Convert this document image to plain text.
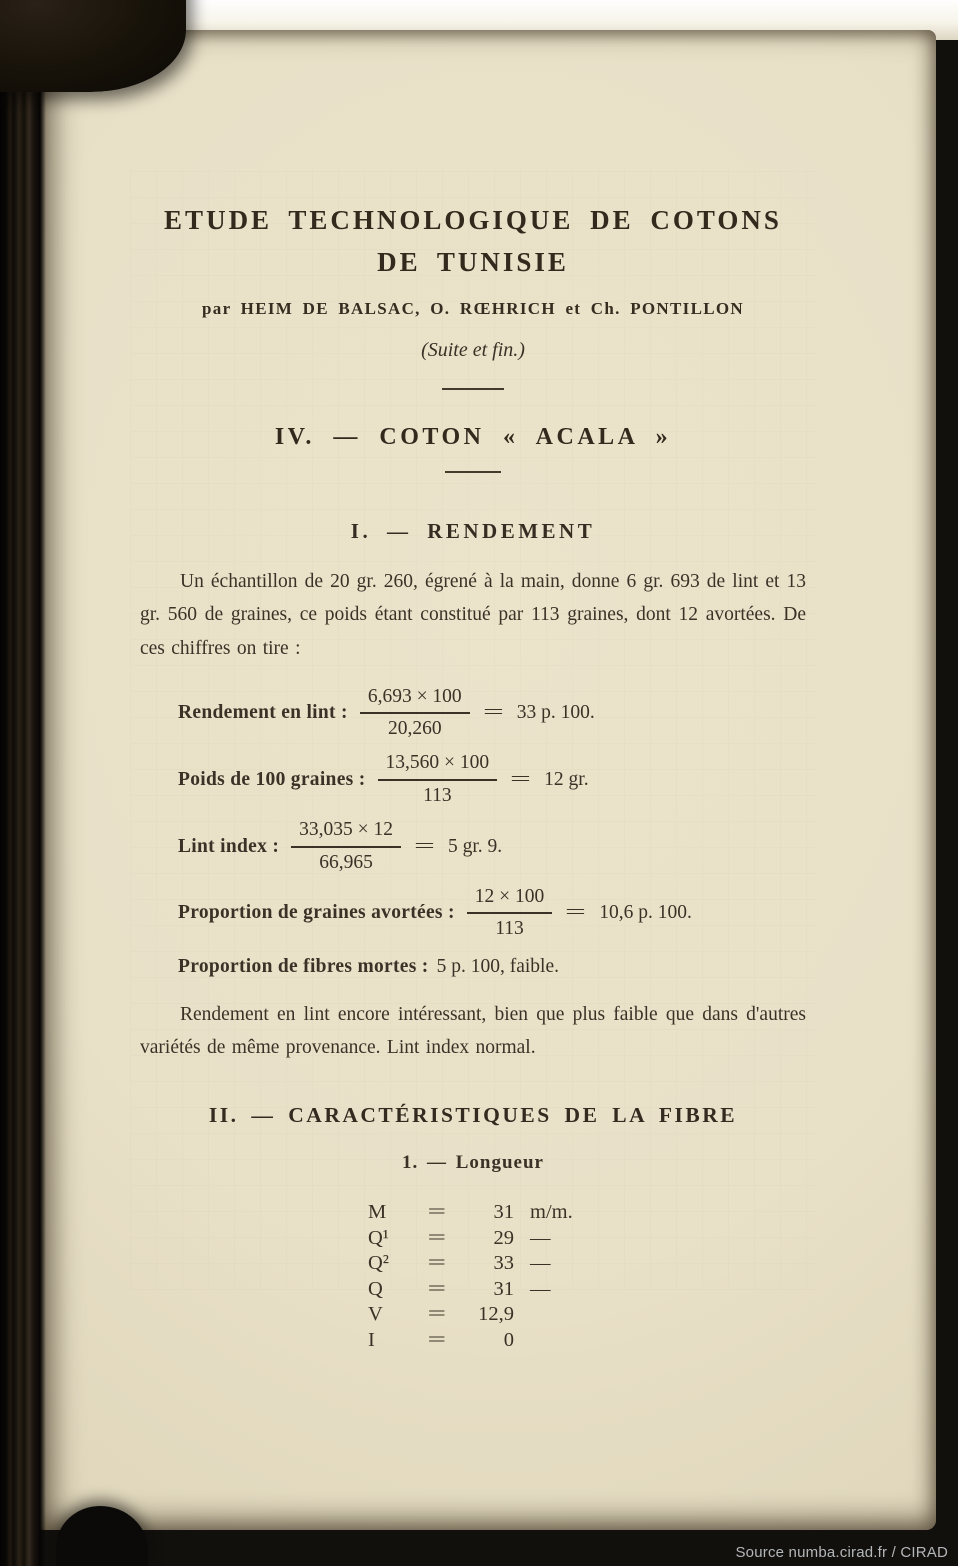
ETUDE TECHNOLOGIQUE DE COTONS
DE TUNISIE
par HEIM DE BALSAC, O. RŒHRICH et Ch. PONTILLON
(Suite et fin.)
IV. — COTON « ACALA »
I. — RENDEMENT

Un échantillon de 20 gr. 260, égrené à la main, donne 6 gr. 693 de lint et 13 gr. 560 de graines, ce poids étant constitué par 113 graines, dont 12 avortées. De ces chiffres on tire :

Rendement en lint : $\frac{6,693 \times 100}{20,260} = 33$ p. 100.
Poids de 100 graines : $\frac{13,560 \times 100}{113} = 12$ gr.
Lint index : $\frac{33,035 \times 12}{66,965} = 5$ gr. 9.
Proportion de graines avortées : $\frac{12 \times 100}{113} = 10,6$ p. 100.
Proportion de fibres mortes : 5 p. 100, faible.

Rendement en lint encore intéressant, bien que plus faible que dans d'autres variétés de même provenance. Lint index normal.

II. — CARACTÉRISTIQUES DE LA FIBRE
1. — Longueur
M = 31 m/m.
Q¹ = 29 —
Q² = 33 —
Q = 31 —
V = 12,9
I	=	0
Source numba.cirad.fr / CIRAD
